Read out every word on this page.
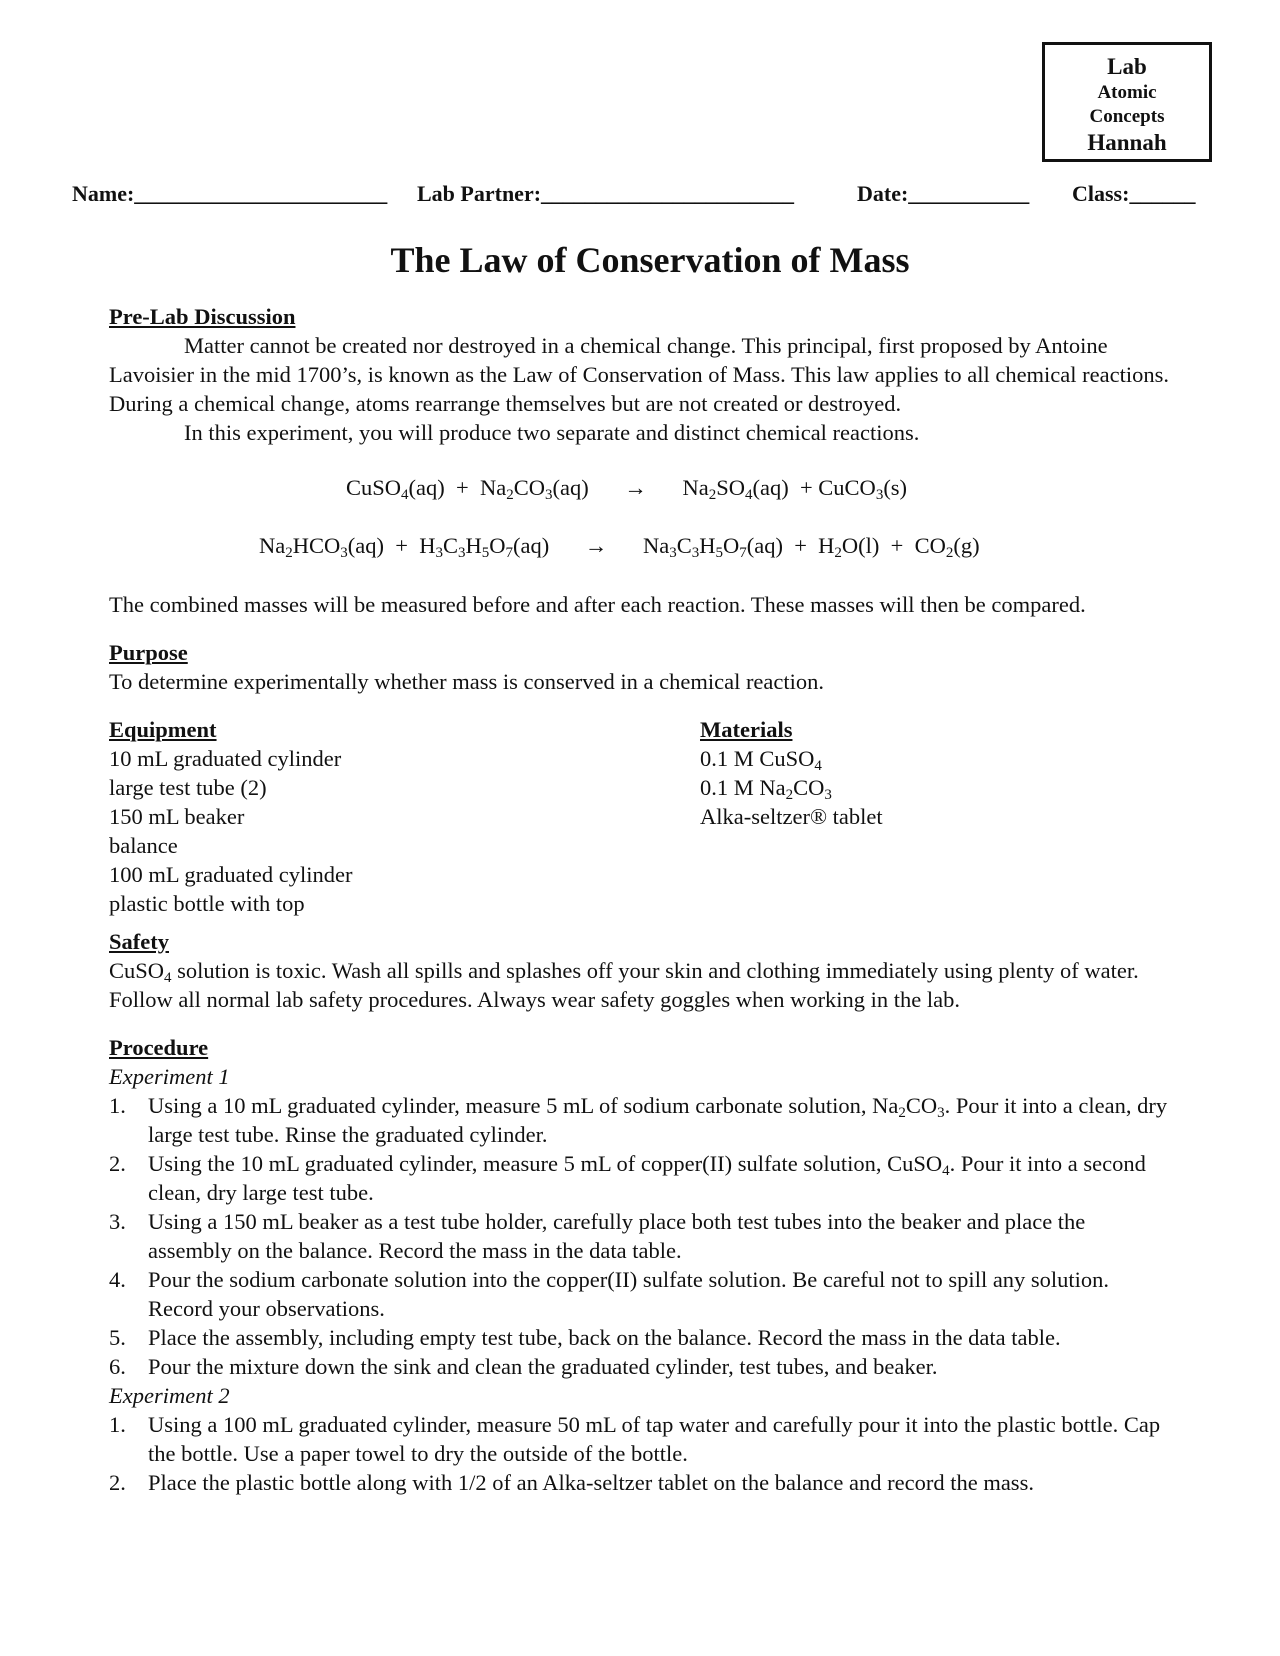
Lab
Atomic
Concepts
Hannah
Name:_______________________ Lab Partner:_______________________	Date:___________ Class:______
The Law of Conservation of Mass

Pre-Lab Discussion

Matter cannot be created nor destroyed in a chemical change. This principal, first proposed by Antoine Lavoisier in the mid 1700’s, is known as the Law of Conservation of Mass. This law applies to all chemical reactions. During a chemical change, atoms rearrange themselves but are not created or destroyed.

In this experiment, you will produce two separate and distinct chemical reactions.

CuSO$_4$(aq) + $Na_2CO_3(aq) \to Na_2SO_4(aq)$ + CuCO$_3$(s)
$Na_2HCO_3(aq) + H_3C_3H_5O_7(aq) \to Na_3C_3H_5O_7(aq) + H_2O(l) + CO_2(g)$

The combined masses will be measured before and after each reaction. These masses will then be compared.

Purpose

To determine experimentally whether mass is conserved in a chemical reaction.

Equipment

10 mL graduated cylinder

large test tube (2)

150 mL beaker

balance

100 mL graduated cylinder

plastic bottle with top

Materials

0.1 M CuSO$_4$

0.1 M $Na_2CO_3$

Alka-seltzer® tablet

Safety

CuSO$_4$ solution is toxic. Wash all spills and splashes off your skin and clothing immediately using plenty of water. Follow all normal lab safety procedures. Always wear safety goggles when working in the lab.

Procedure

Experiment 1

1. Using a 10 mL graduated cylinder, measure 5 mL of sodium carbonate solution, $Na_2CO_3$. Pour it into a clean, dry large test tube. Rinse the graduated cylinder.
2. Using the 10 mL graduated cylinder, measure 5 mL of copper(II) sulfate solution, CuSO$_4$. Pour it into a second clean, dry large test tube.
3. Using a 150 mL beaker as a test tube holder, carefully place both test tubes into the beaker and place the assembly on the balance. Record the mass in the data table.
4. Pour the sodium carbonate solution into the copper(II) sulfate solution. Be careful not to spill any solution. Record your observations.
5. Place the assembly, including empty test tube, back on the balance. Record the mass in the data table.
6. Pour the mixture down the sink and clean the graduated cylinder, test tubes, and beaker.

Experiment 2

1. Using a 100 mL graduated cylinder, measure 50 mL of tap water and carefully pour it into the plastic bottle. Cap the bottle. Use a paper towel to dry the outside of the bottle.
2. Place the plastic bottle along with 1/2 of an Alka-seltzer tablet on the balance and record the mass.
